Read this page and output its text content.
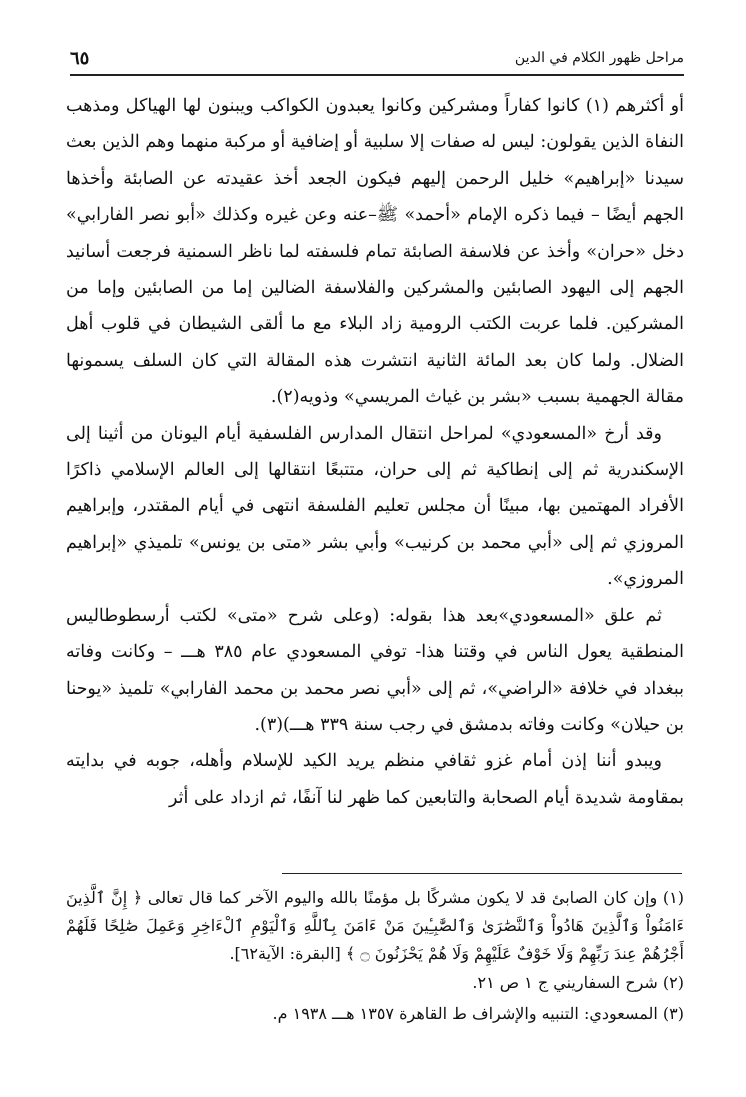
مراحل ظهور الكلام في الدين
٦٥

أو أكثرهم (١) كانوا كفاراً ومشركين وكانوا يعبدون الكواكب ويبنون لها الهياكل ومذهب النفاة الذين يقولون: ليس له صفات إلا سلبية أو إضافية أو مركبة منهما وهم الذين بعث سيدنا «إبراهيم» خليل الرحمن إليهم فيكون الجعد أخذ عقيدته عن الصابئة وأخذها الجهم أيضًا – فيما ذكره الإمام «أحمد» ﷺ–عنه وعن غيره وكذلك «أبو نصر الفارابي» دخل «حران» وأخذ عن فلاسفة الصابئة تمام فلسفته لما ناظر السمنية فرجعت أسانيد الجهم إلى اليهود الصابئين والمشركين والفلاسفة الضالين إما من الصابئين وإما من المشركين. فلما عربت الكتب الرومية زاد البلاء مع ما ألقى الشيطان في قلوب أهل الضلال. ولما كان بعد المائة الثانية انتشرت هذه المقالة التي كان السلف يسمونها مقالة الجهمية بسبب «بشر بن غياث المريسي» وذويه(٢).

وقد أرخ «المسعودي» لمراحل انتقال المدارس الفلسفية أيام اليونان من أثينا إلى الإسكندرية ثم إلى إنطاكية ثم إلى حران، متتبعًا انتقالها إلى العالم الإسلامي ذاكرًا الأفراد المهتمين بها، مبينًا أن مجلس تعليم الفلسفة انتهى في أيام المقتدر، وإبراهيم المروزي ثم إلى «أبي محمد بن كرنيب» وأبي بشر «متى بن يونس» تلميذي «إبراهيم المروزي».

ثم علق «المسعودي»بعد هذا بقوله: (وعلى شرح «متى» لكتب أرسطوطاليس المنطقية يعول الناس في وقتنا هذا- توفي المسعودي عام ٣٨٥ هـــ – وكانت وفاته ببغداد في خلافة «الراضي»، ثم إلى «أبي نصر محمد بن محمد الفارابي» تلميذ «يوحنا بن حيلان» وكانت وفاته بدمشق في رجب سنة ٣٣٩ هـــ)(٣).

ويبدو أننا إذن أمام غزو ثقافي منظم يريد الكيد للإسلام وأهله، جوبه في بدايته بمقاومة شديدة أيام الصحابة والتابعين كما ظهر لنا آنفًا، ثم ازداد على أثر

(١) وإن كان الصابئ قد لا يكون مشركًا بل مؤمنًا بالله واليوم الآخر كما قال تعالى ﴿ إِنَّ ٱلَّذِينَ ءَامَنُواْ وَٱلَّذِينَ هَادُواْ وَٱلنَّصَٰرَىٰ وَٱلصَّٰبِـِٔينَ مَنْ ءَامَنَ بِٱللَّهِ وَٱلْيَوْمِ ٱلْءَاخِرِ وَعَمِلَ صَٰلِحًا فَلَهُمْ أَجْرُهُمْ عِندَ رَبِّهِمْ وَلَا خَوْفٌ عَلَيْهِمْ وَلَا هُمْ يَحْزَنُونَ ۝ ﴾ [البقرة: الآية٦٢].

(٢) شرح السفاريني ج ١ ص ٢١.

(٣) المسعودي: التنبيه والإشراف ط القاهرة ١٣٥٧ هـــ ١٩٣٨ م.
